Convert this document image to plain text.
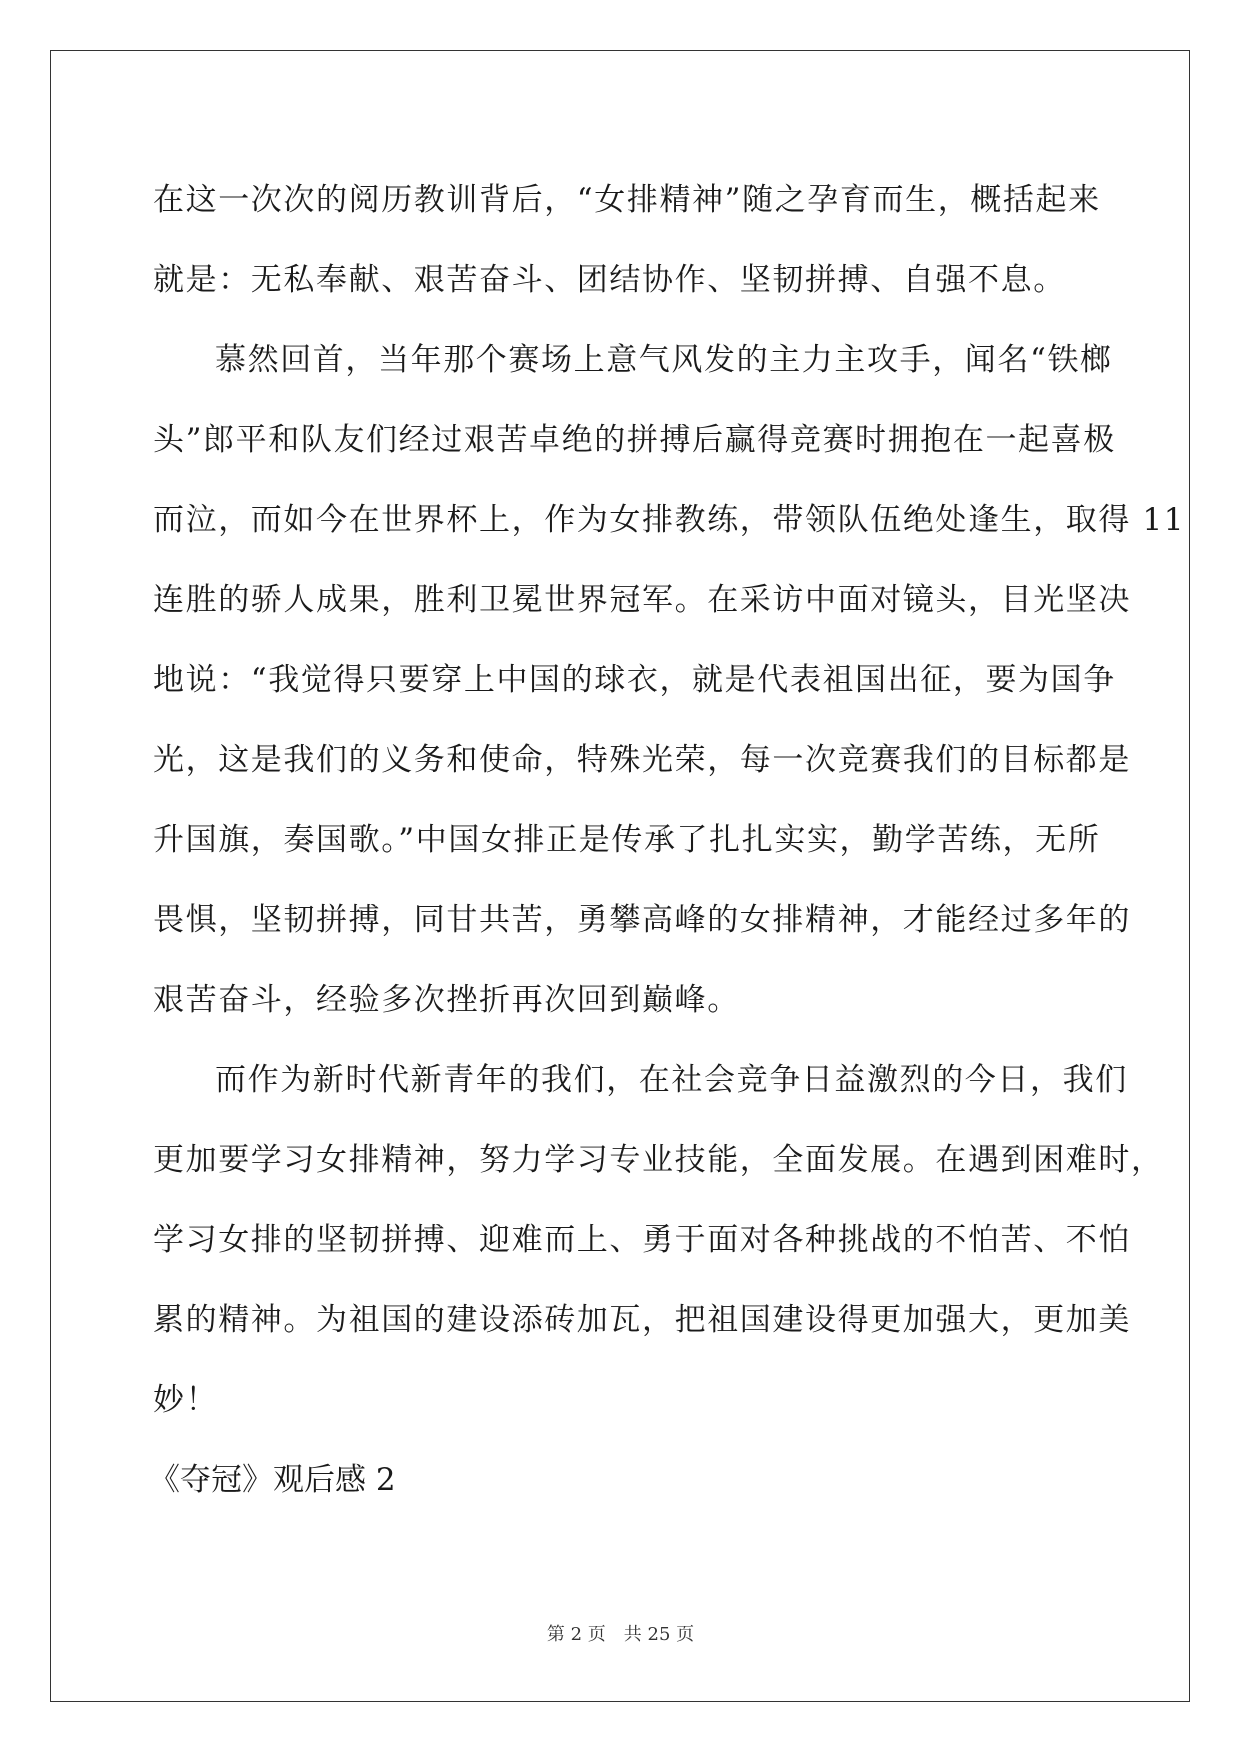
在这一次次的阅历教训背后，“女排精神”随之孕育而生，概括起来
就是：无私奉献、艰苦奋斗、团结协作、坚韧拼搏、自强不息。
慕然回首，当年那个赛场上意气风发的主力主攻手，闻名“铁榔
头”郎平和队友们经过艰苦卓绝的拼搏后赢得竞赛时拥抱在一起喜极
而泣，而如今在世界杯上，作为女排教练，带领队伍绝处逢生，取得 11
连胜的骄人成果，胜利卫冕世界冠军。在采访中面对镜头，目光坚决
地说：“我觉得只要穿上中国的球衣，就是代表祖国出征，要为国争
光，这是我们的义务和使命，特殊光荣，每一次竞赛我们的目标都是
升国旗，奏国歌。”中国女排正是传承了扎扎实实，勤学苦练，无所
畏惧，坚韧拼搏，同甘共苦，勇攀高峰的女排精神，才能经过多年的
艰苦奋斗，经验多次挫折再次回到巅峰。
而作为新时代新青年的我们，在社会竞争日益激烈的今日，我们
更加要学习女排精神，努力学习专业技能，全面发展。在遇到困难时，
学习女排的坚韧拼搏、迎难而上、勇于面对各种挑战的不怕苦、不怕
累的精神。为祖国的建设添砖加瓦，把祖国建设得更加强大，更加美
妙！
《夺冠》观后感 2
第 2 页　共 25 页
